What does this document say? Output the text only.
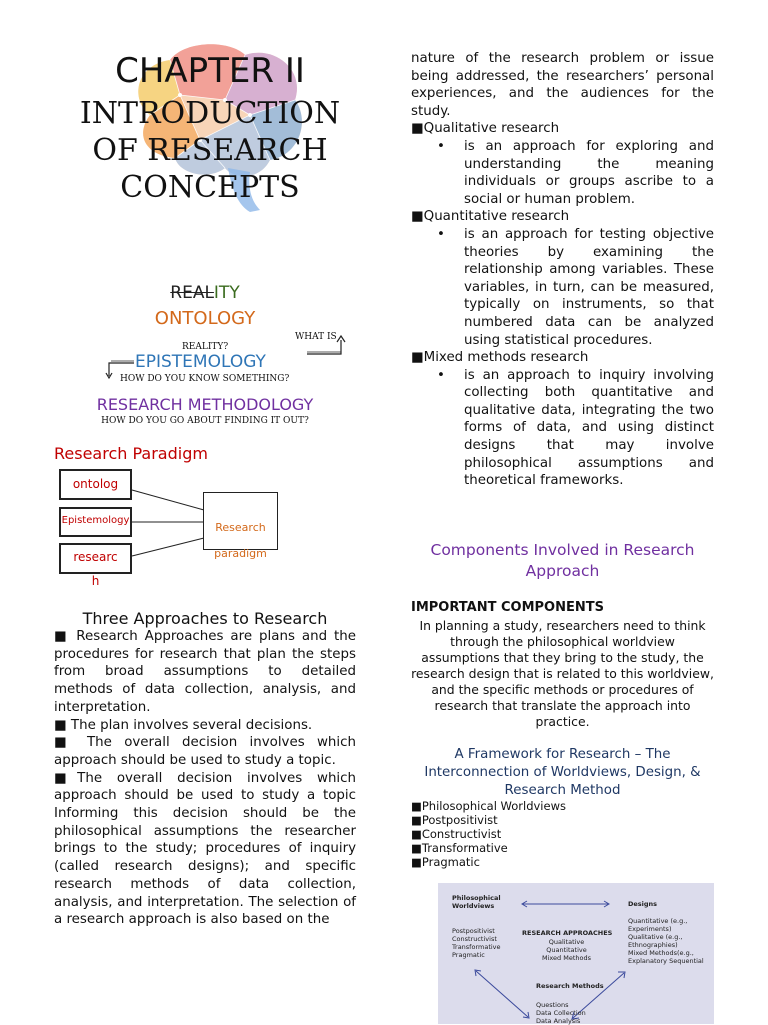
CHAPTER II
INTRODUCTION
OF RESEARCH
CONCEPTS
REALITY
ONTOLOGY
WHAT IS
REALITY?
EPISTEMOLOGY
HOW DO YOU KNOW SOMETHING?
RESEARCH METHODOLOGY
HOW DO YOU GO ABOUT FINDING IT OUT?
Research Paradigm
ontolog

Epistemology
researc
h

Research

paradigm

Three Approaches to Research

■ Research Approaches are plans and the procedures for research that plan the steps from broad assumptions to detailed methods of data collection, analysis, and interpretation.

■ The plan involves several decisions.

■ The overall decision involves which approach should be used to study a topic.

■The overall decision involves which approach should be used to study a topic Informing this decision should be the philosophical assumptions the researcher brings to the study; procedures of inquiry (called research designs); and specific research methods of data collection, analysis, and interpretation. The selection of a research approach is also based on the

nature of the research problem or issue being addressed, the researchers’ personal experiences, and the audiences for the study.

■Qualitative research

• is an approach for exploring and understanding the meaning individuals or groups ascribe to a social or human problem.

■Quantitative research

• is an approach for testing objective theories by examining the relationship among variables. These variables, in turn, can be measured, typically on instruments, so that numbered data can be analyzed using statistical procedures.

■Mixed methods research

• is an approach to inquiry involving collecting both quantitative and qualitative data, integrating the two forms of data, and using distinct designs that may involve philosophical assumptions and theoretical frameworks.
Components Involved in Research Approach
IMPORTANT COMPONENTS
In planning a study, researchers need to think through the philosophical worldview assumptions that they bring to the study, the research design that is related to this worldview, and the specific methods or procedures of research that translate the approach into practice.
A Framework for Research – The Interconnection of Worldviews, Design, & Research Method
■Philosophical Worldviews
■Postpositivist
■Constructivist
■Transformative
■Pragmatic
Philosophical
Worldviews
Postpositivist
Constructivist
Transformative
Pragmatic
Designs
Quantitative (e.g.,
Experiments)
Qualitative (e.g.,
Ethnographies)
Mixed Methods(e.g.,
Explanatory Sequential
RESEARCH APPROACHES
Qualitative
Quantitative
Mixed Methods
Research Methods
Questions
Data Collection
Data Analysis
